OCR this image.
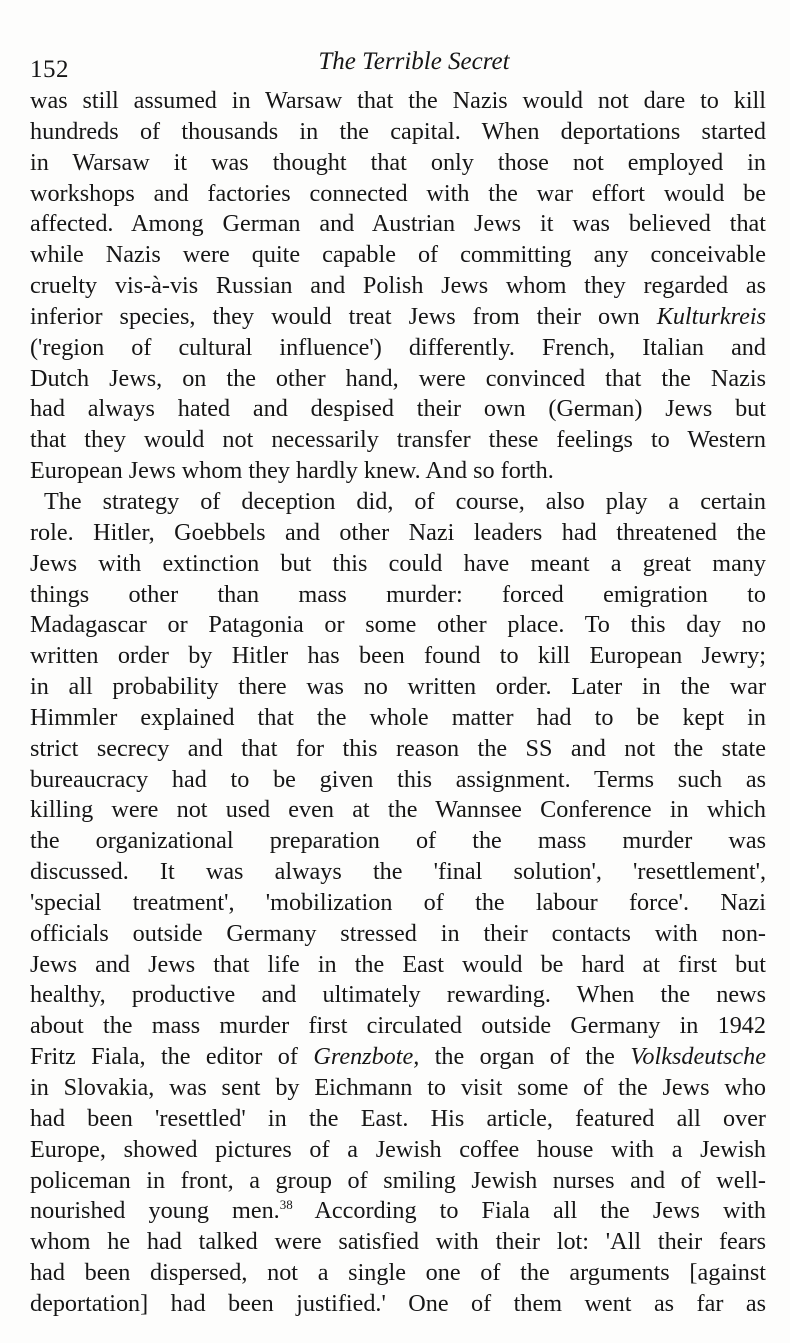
152	The Terrible Secret
was still assumed in Warsaw that the Nazis would not dare to kill
hundreds of thousands in the capital. When deportations started
in Warsaw it was thought that only those not employed in
workshops and factories connected with the war effort would be
affected. Among German and Austrian Jews it was believed that
while Nazis were quite capable of committing any conceivable
cruelty vis-à-vis Russian and Polish Jews whom they regarded as
inferior species, they would treat Jews from their own Kulturkreis
('region of cultural influence') differently. French, Italian and
Dutch Jews, on the other hand, were convinced that the Nazis
had always hated and despised their own (German) Jews but
that they would not necessarily transfer these feelings to Western
European Jews whom they hardly knew. And so forth.
The strategy of deception did, of course, also play a certain
role. Hitler, Goebbels and other Nazi leaders had threatened the
Jews with extinction but this could have meant a great many
things other than mass murder: forced emigration to
Madagascar or Patagonia or some other place. To this day no
written order by Hitler has been found to kill European Jewry;
in all probability there was no written order. Later in the war
Himmler explained that the whole matter had to be kept in
strict secrecy and that for this reason the SS and not the state
bureaucracy had to be given this assignment. Terms such as
killing were not used even at the Wannsee Conference in which
the organizational preparation of the mass murder was
discussed. It was always the 'final solution', 'resettlement',
'special treatment', 'mobilization of the labour force'. Nazi
officials outside Germany stressed in their contacts with non-
Jews and Jews that life in the East would be hard at first but
healthy, productive and ultimately rewarding. When the news
about the mass murder first circulated outside Germany in 1942
Fritz Fiala, the editor of Grenzbote, the organ of the Volksdeutsche
in Slovakia, was sent by Eichmann to visit some of the Jews who
had been 'resettled' in the East. His article, featured all over
Europe, showed pictures of a Jewish coffee house with a Jewish
policeman in front, a group of smiling Jewish nurses and of well-
nourished young men.$^{38}$ According to Fiala all the Jews with
whom he had talked were satisfied with their lot: 'All their fears
had been dispersed, not a single one of the arguments [against
deportation] had been justified.' One of them went as far as
